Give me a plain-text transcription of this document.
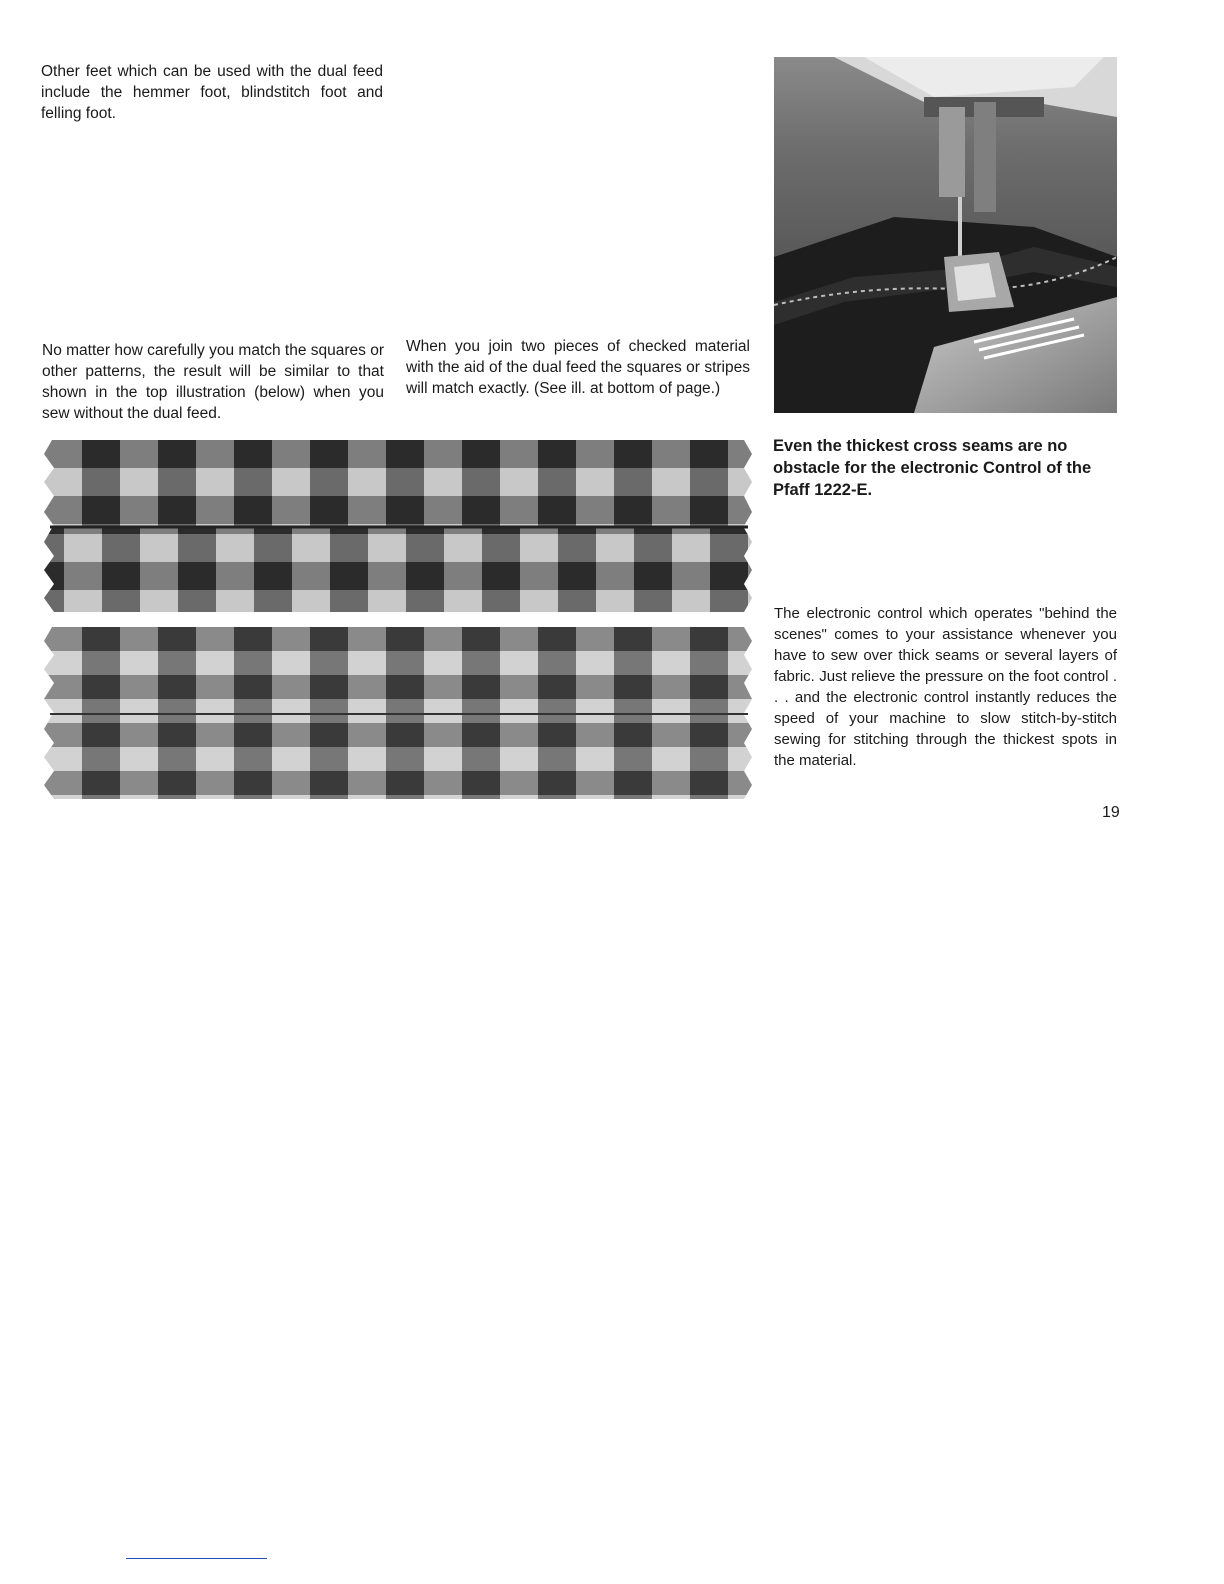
Other feet which can be used with the dual feed include the hemmer foot, blindstitch foot and felling foot.

No matter how carefully you match the squares or other patterns, the result will be similar to that shown in the top illustration (below) when you sew without the dual feed.

When you join two pieces of checked material with the aid of the dual feed the squares or stripes will match exactly. (See ill. at bottom of page.)

Even the thickest cross seams are no obstacle for the electronic Control of the Pfaff 1222-E.

The electronic control which operates "behind the scenes" comes to your assistance whenever you have to sew over thick seams or several layers of fabric. Just relieve the pressure on the foot control . . . and the electronic control instantly reduces the speed of your machine to slow stitch-by-stitch sewing for stitching through the thickest spots in the material.

19
